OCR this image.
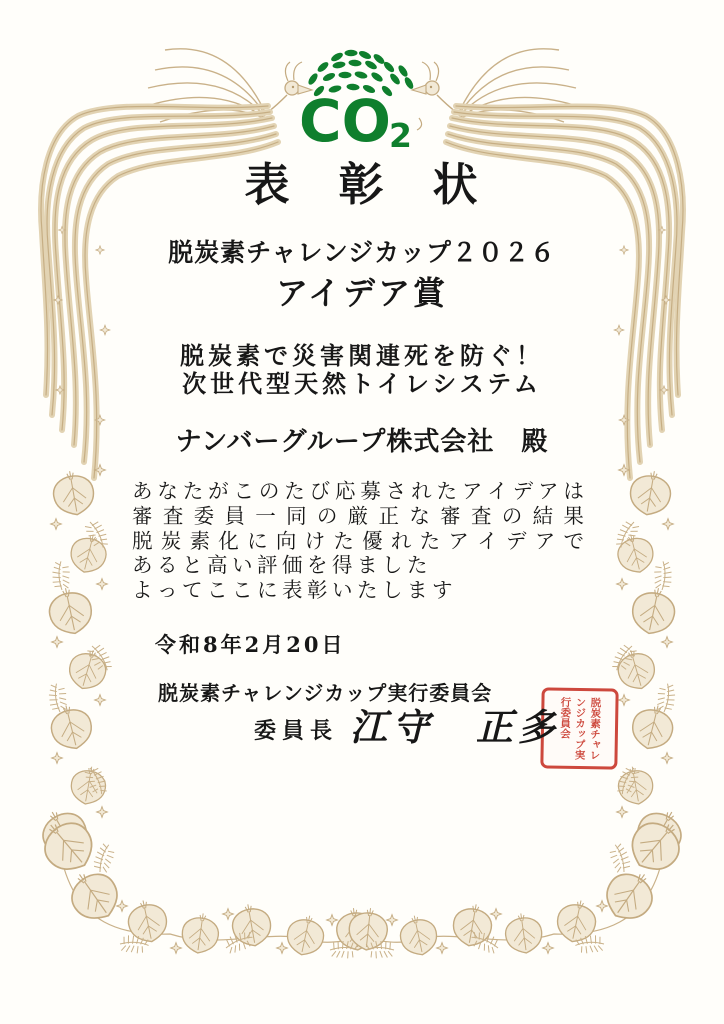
CO
2
表　彰　状
脱炭素チャレンジカップ２０２６
アイデア賞
脱炭素で災害関連死を防ぐ！
次世代型天然トイレシステム
ナンバーグループ株式会社　殿
あ な た が こ の た び 応 募 さ れ た ア イ デ ア は
審 査 委 員 一 同 の 厳 正 な 審 査 の 結 果
脱 炭 素 化 に 向 け た 優 れ た ア イ デ ア で
あると高い評価を得ました
よってここに表彰いたします
令和8年2月20日
脱炭素チャレンジカップ実行委員会
委員長 江守　正多	脱炭素チャレンジカップ実行委員会
